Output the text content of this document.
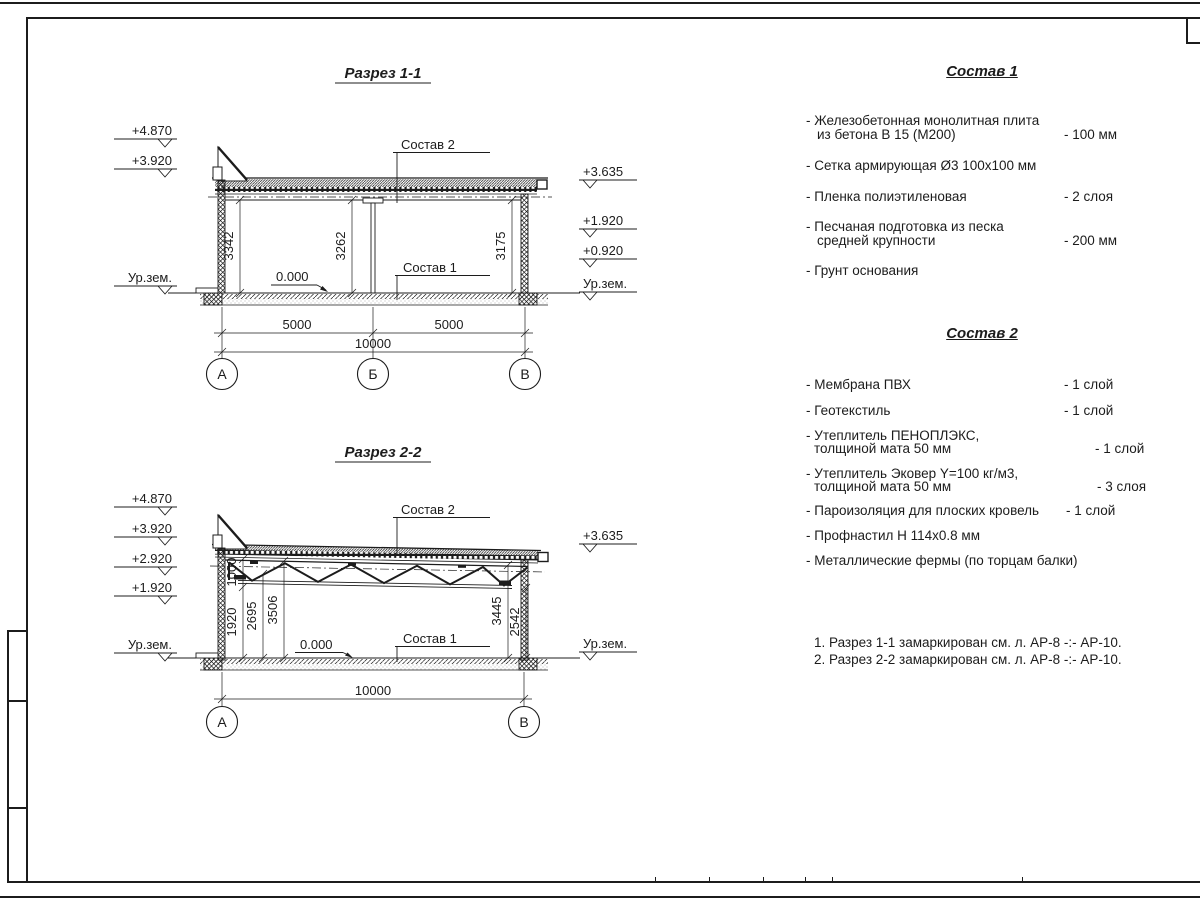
Разрез 1-1
+4.870
+3.920
Ур.зем.
+3.635
+1.920
+0.920
Ур.зем.
3342	3262	3175
Состав 2
Состав 1
0.000
5000	5000
10000
А	Б	В
Разрез 2-2
+4.870
+3.920
+2.920
+1.920
Ур.зем.
+3.635
Ур.зем.
1000
1920 2695 3506	3445 2542
Состав 2
Состав 1
0.000
10000
А	В
Состав 1
- Железобетонная монолитная плита
из бетона В 15 (М200)	- 100 мм
- Сетка армирующая Ø3 100x100 мм
- Пленка полиэтиленовая	- 2 слоя
- Песчаная подготовка из песка
средней крупности	- 200 мм
- Грунт основания
Состав 2
- Мембрана ПВХ	- 1 слой
- Геотекстиль	- 1 слой
- Утеплитель ПЕНОПЛЭКС,
толщиной мата 50 мм	- 1 слой
- Утеплитель Эковер Y=100 кг/м3,
толщиной мата 50 мм	- 3 слоя
- Пароизоляция для плоских кровель - 1 слой
- Профнастил Н 114x0.8 мм
- Металлические фермы (по торцам балки)
1. Разрез 1-1 замаркирован см. л. АР-8 -:- АР-10.
2. Разрез 2-2 замаркирован см. л. АР-8 -:- АР-10.
